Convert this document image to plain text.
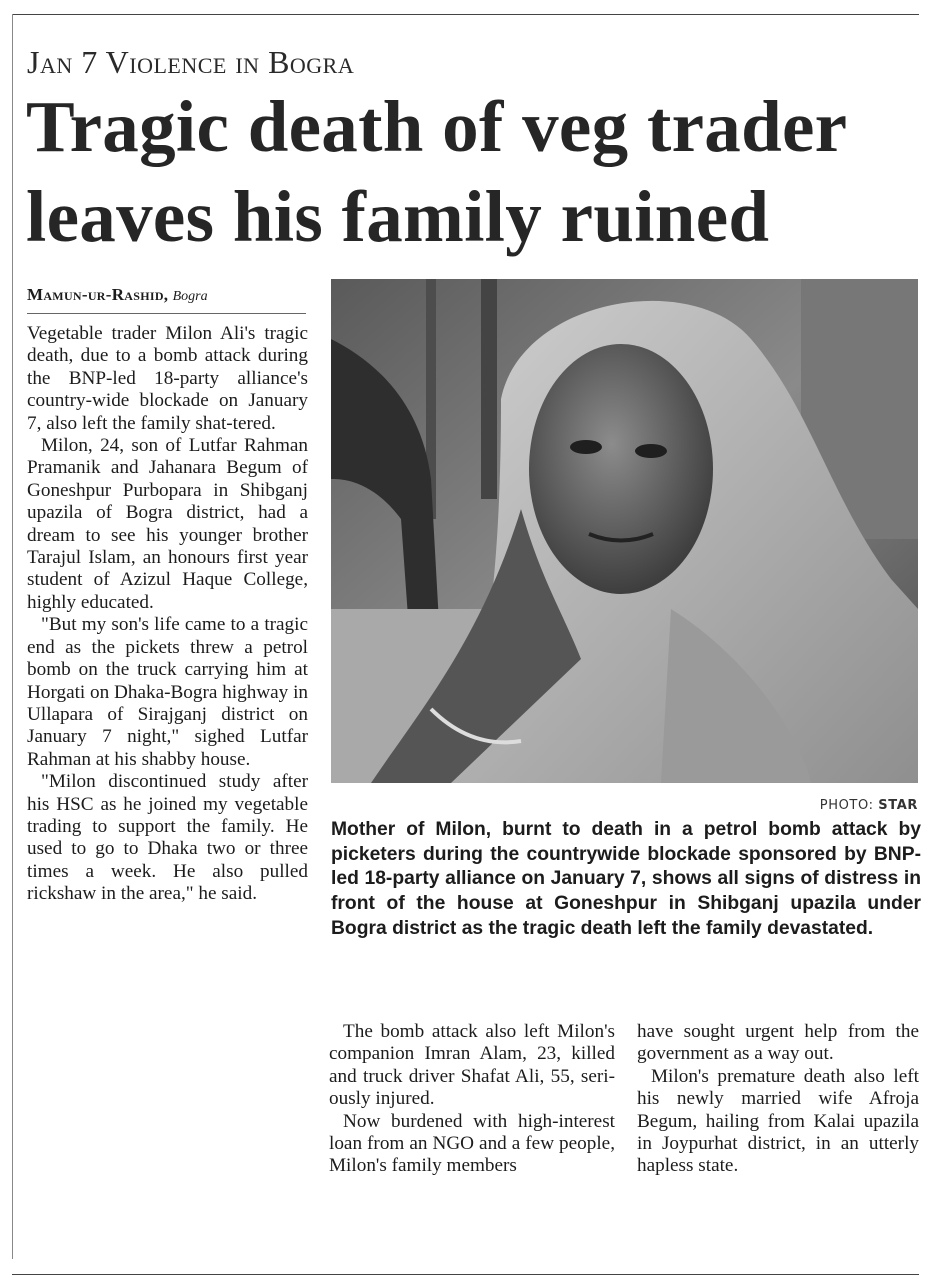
Jan 7 Violence in Bogra
Tragic death of veg trader
leaves his family ruined
Mamun-ur-Rashid, Bogra

Vegetable trader Milon Ali's tragic death, due to a bomb attack during the BNP-led 18-party alliance's country-wide blockade on January 7, also left the family shat-tered.

Milon, 24, son of Lutfar Rahman Pramanik and Jahanara Begum of Goneshpur Purbopara in Shibganj upazila of Bogra district, had a dream to see his younger brother Tarajul Islam, an honours first year student of Azizul Haque College, highly educated.

"But my son's life came to a tragic end as the pickets threw a petrol bomb on the truck carrying him at Horgati on Dhaka-Bogra highway in Ullapara of Sirajganj district on January 7 night," sighed Lutfar Rahman at his shabby house.

"Milon discontinued study after his HSC as he joined my vegetable trading to support the family. He used to go to Dhaka two or three times a week. He also pulled rickshaw in the area," he said.

PHOTO: STAR
Mother of Milon, burnt to death in a petrol bomb attack by picketers during the countrywide blockade sponsored by BNP-led 18-party alliance on January 7, shows all signs of distress in front of the house at Goneshpur in Shibganj upazila under Bogra district as the tragic death left the family devastated.

The bomb attack also left Milon's companion Imran Alam, 23, killed and truck driver Shafat Ali, 55, seri-ously injured.

Now burdened with high-interest loan from an NGO and a few people, Milon's family members

have sought urgent help from the government as a way out.

Milon's premature death also left his newly married wife Afroja Begum, hailing from Kalai upazila in Joypurhat district, in an utterly hapless state.
